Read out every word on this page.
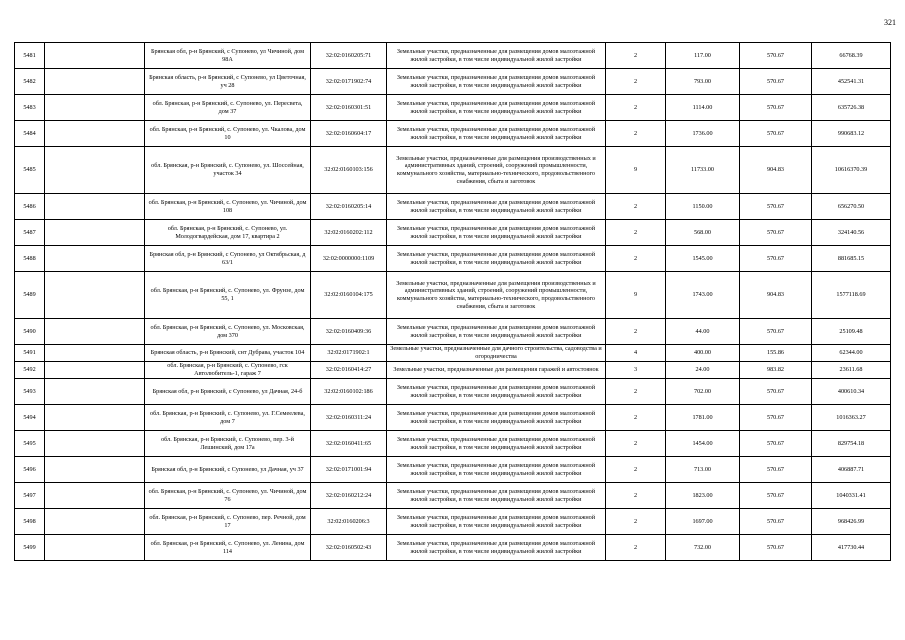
321
5481		Брянская обл, р-н Брянский, с Супонево, ул Чичиной, дом 98А	32:02:0160205:71	Земельные участки, предназначенные для размещения домов малоэтажной жилой застройки, в том числе индивидуальной жилой застройки	2	117.00	570.67	66768.39
5482		Брянская область, р-н Брянский, с Супонево, ул Цветочная, уч 28	32:02:0171902:74	Земельные участки, предназначенные для размещения домов малоэтажной жилой застройки, в том числе индивидуальной жилой застройки	2	793.00	570.67	452541.31
5483		обл. Брянская, р-н Брянский, с. Супонево, ул. Пересвета, дом 37	32:02:0160301:51	Земельные участки, предназначенные для размещения домов малоэтажной жилой застройки, в том числе индивидуальной жилой застройки	2	1114.00	570.67	635726.38
5484		обл. Брянская, р-н Брянский, с. Супонево, ул. Чкалова, дом 10	32:02:0160604:17	Земельные участки, предназначенные для размещения домов малоэтажной жилой застройки, в том числе индивидуальной жилой застройки	2	1736.00	570.67	990683.12
5485		обл. Брянская, р-н Брянский, с. Супонево, ул. Шоссейная, участок 34	32:02:0160103:156	Земельные участки, предназначенные для размещения производственных и административных зданий, строений, сооружений промышленности, коммунального хозяйства, материально-технического, продовольственного снабжения, сбыта и заготовок	9	11733.00	904.83	10616370.39
5486		обл. Брянская, р-н Брянский, с. Супонево, ул. Чичиной, дом 108	32:02:0160205:14	Земельные участки, предназначенные для размещения домов малоэтажной жилой застройки, в том числе индивидуальной жилой застройки	2	1150.00	570.67	656270.50
5487		обл. Брянская, р-н Брянский, с. Супонево, ул. Молодогвардейская, дом 17, квартира 2	32:02:0160202:112	Земельные участки, предназначенные для размещения домов малоэтажной жилой застройки, в том числе индивидуальной жилой застройки	2	568.00	570.67	324140.56
5488		Брянская обл, р-н Брянский, с Супонево, ул Октябрьская, д 63/1	32:02:0000000:1109	Земельные участки, предназначенные для размещения домов малоэтажной жилой застройки, в том числе индивидуальной жилой застройки	2	1545.00	570.67	881685.15
5489		обл. Брянская, р-н Брянский, с. Супонево, ул. Фрунзе, дом 55, 1	32:02:0160104:175	Земельные участки, предназначенные для размещения производственных и административных зданий, строений, сооружений промышленности, коммунального хозяйства, материально-технического, продовольственного снабжения, сбыта и заготовок	9	1743.00	904.83	1577118.69
5490		обл. Брянская, р-н Брянский, с. Супонево, ул. Московская, дом 370	32:02:0160409:36	Земельные участки, предназначенные для размещения домов малоэтажной жилой застройки, в том числе индивидуальной жилой застройки	2	44.00	570.67	25109.48
5491		Брянская область, р-н Брянский, снт Дубрава, участок 104	32:02:0171902:1	Земельные участки, предназначенные для дачного строительства, садоводства и огородничества	4	400.00	155.86	62344.00
5492		обл. Брянская, р-н Брянский, с. Супонево, гск Автолюбитель-1, гараж 7	32:02:0160414:27	Земельные участки, предназначенные для размещения гаражей и автостоянок	3	24.00	983.82	23611.68
5493		Брянская обл, р-н Брянский, с Супонево, ул Дачная, 24-б	32:02:0160102:186	Земельные участки, предназначенные для размещения домов малоэтажной жилой застройки, в том числе индивидуальной жилой застройки	2	702.00	570.67	400610.34
5494		обл. Брянская, р-н Брянский, с. Супонево, ул. Г.Семеелева, дом 7	32:02:0160311:24	Земельные участки, предназначенные для размещения домов малоэтажной жилой застройки, в том числе индивидуальной жилой застройки	2	1781.00	570.67	1016363.27
5495		обл. Брянская, р-н Брянский, с. Супонево, пер. 3-й Лешинский, дом 17а	32:02:0160411:65	Земельные участки, предназначенные для размещения домов малоэтажной жилой застройки, в том числе индивидуальной жилой застройки	2	1454.00	570.67	829754.18
5496		Брянская обл, р-н Брянский, с Супонево, ул Дачная, уч 37	32:02:0171001:94	Земельные участки, предназначенные для размещения домов малоэтажной жилой застройки, в том числе индивидуальной жилой застройки	2	713.00	570.67	406887.71
5497		обл. Брянская, р-н Брянский, с. Супонево, ул. Чичиной, дом 76	32:02:0160212:24	Земельные участки, предназначенные для размещения домов малоэтажной жилой застройки, в том числе индивидуальной жилой застройки	2	1823.00	570.67	1040331.41
5498		обл. Брянская, р-н Брянский, с. Супонево, пер. Речной, дом 17	32:02:0160206:3	Земельные участки, предназначенные для размещения домов малоэтажной жилой застройки, в том числе индивидуальной жилой застройки	2	1697.00	570.67	968426.99
5499		обл. Брянская, р-н Брянский, с. Супонево, ул. Ленина, дом 114	32:02:0160502:43	Земельные участки, предназначенные для размещения домов малоэтажной жилой застройки, в том числе индивидуальной жилой застройки	2	732.00	570.67	417730.44
